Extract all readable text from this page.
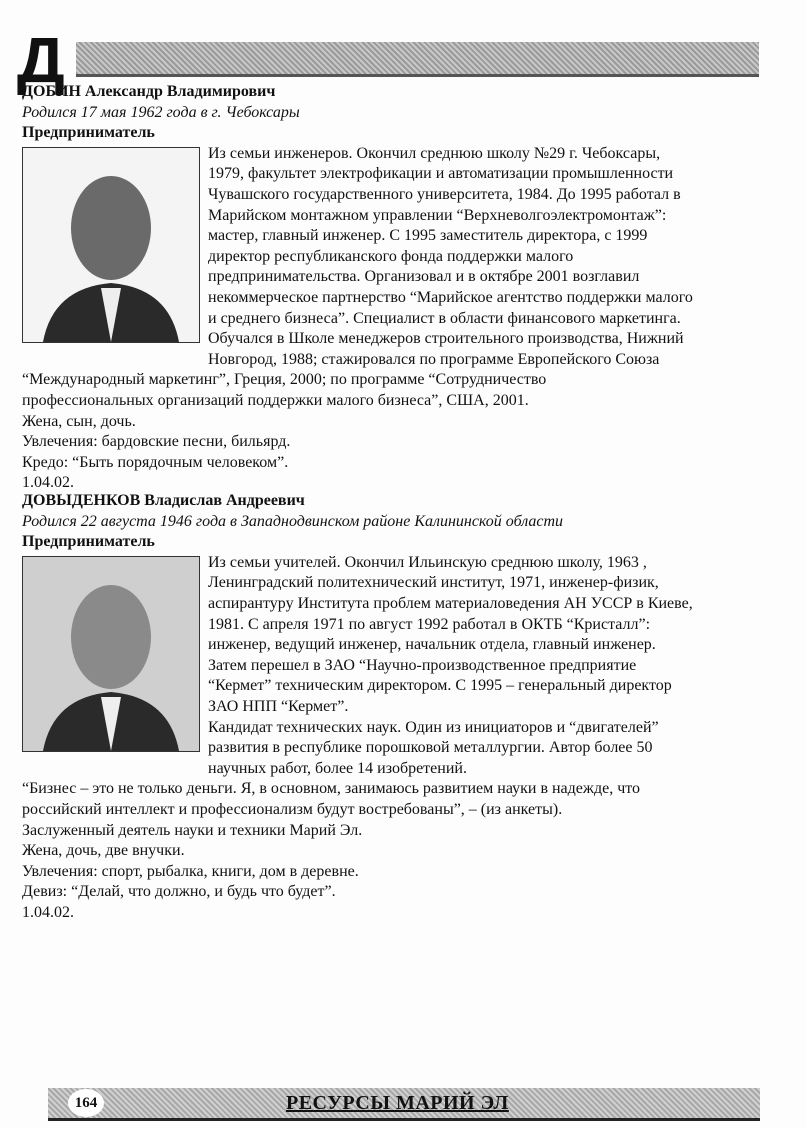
Д
ДОБИН Александр Владимирович
Родился 17 мая 1962 года в г. Чебоксары
Предприниматель
Из семьи инженеров. Окончил среднюю школу №29 г. Чебоксары,
1979, факультет электрофикации и автоматизации промышленности
Чувашского государственного университета, 1984. До 1995 работал в
Марийском монтажном управлении “Верхневолгоэлектромонтаж”:
мастер, главный инженер. С 1995 заместитель директора, с 1999
директор республиканского фонда поддержки малого
предпринимательства. Организовал и в октябре 2001 возглавил
некоммерческое партнерство “Марийское агентство поддержки малого
и среднего бизнеса”. Специалист в области финансового маркетинга.
Обучался в Школе менеджеров строительного производства, Нижний
Новгород, 1988; стажировался по программе Европейского Союза
“Международный маркетинг”, Греция, 2000; по программе “Сотрудничество
профессиональных организаций поддержки малого бизнеса”, США, 2001.
Жена, сын, дочь.
Увлечения: бардовские песни, бильярд.
Кредо: “Быть порядочным человеком”.
1.04.02.
ДОВЫДЕНКОВ Владислав Андреевич
Родился 22 августа 1946 года в Западнодвинском районе Калининской области
Предприниматель
Из семьи учителей. Окончил Ильинскую среднюю школу, 1963 ,
Ленинградский политехнический институт, 1971, инженер-физик,
аспирантуру Института проблем материаловедения АН УССР в Киеве,
1981. С апреля 1971 по август 1992 работал в ОКТБ “Кристалл”:
инженер, ведущий инженер, начальник отдела, главный инженер.
Затем перешел в ЗАО “Научно-производственное предприятие
“Кермет” техническим директором. С 1995 – генеральный директор
ЗАО НПП “Кермет”.
Кандидат технических наук. Один из инициаторов и “двигателей”
развития в республике порошковой металлургии. Автор более 50
научных работ, более 14 изобретений.
“Бизнес – это не только деньги. Я, в основном, занимаюсь развитием науки в надежде, что
российский интеллект и профессионализм будут востребованы”, – (из анкеты).
Заслуженный деятель науки и техники Марий Эл.
Жена, дочь, две внучки.
Увлечения: спорт, рыбалка, книги, дом в деревне.
Девиз: “Делай, что должно, и будь что будет”.
1.04.02.
164	РЕСУРСЫ МАРИЙ ЭЛ
